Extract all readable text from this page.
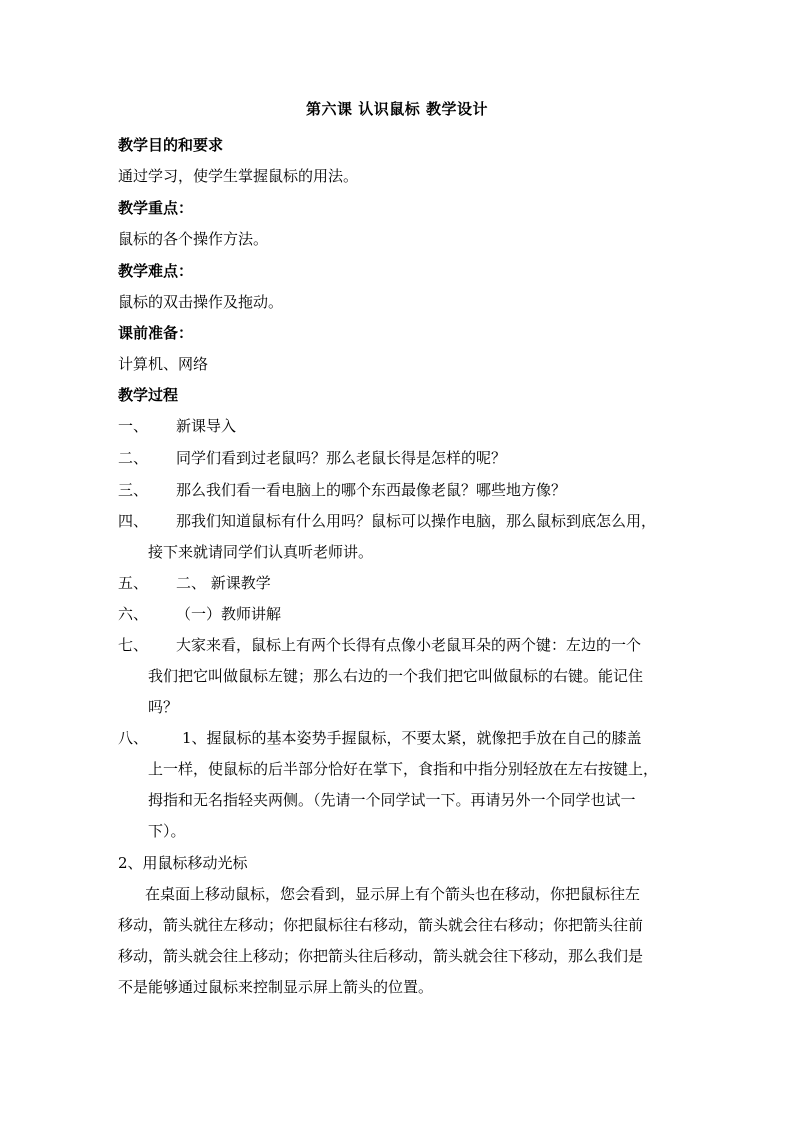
第六课 认识鼠标 教学设计
教学目的和要求
通过学习，使学生掌握鼠标的用法。
教学重点：
鼠标的各个操作方法。
教学难点：
鼠标的双击操作及拖动。
课前准备：
计算机、网络
教学过程
一、 新课导入
二、 同学们看到过老鼠吗？那么老鼠长得是怎样的呢？
三、 那么我们看一看电脑上的哪个东西最像老鼠？哪些地方像？
四、 那我们知道鼠标有什么用吗？鼠标可以操作电脑，那么鼠标到底怎么用，
接下来就请同学们认真听老师讲。
五、 二、 新课教学
六、 （一）教师讲解
七、 大家来看，鼠标上有两个长得有点像小老鼠耳朵的两个键：左边的一个
我们把它叫做鼠标左键；那么右边的一个我们把它叫做鼠标的右键。能记住
吗？
八、 1、握鼠标的基本姿势手握鼠标，不要太紧，就像把手放在自己的膝盖
上一样，使鼠标的后半部分恰好在掌下，食指和中指分别轻放在左右按键上，
拇指和无名指轻夹两侧。（先请一个同学试一下。再请另外一个同学也试一
下）。
2、用鼠标移动光标
在桌面上移动鼠标，您会看到，显示屏上有个箭头也在移动，你把鼠标往左
移动，箭头就往左移动；你把鼠标往右移动，箭头就会往右移动；你把箭头往前
移动，箭头就会往上移动；你把箭头往后移动，箭头就会往下移动，那么我们是
不是能够通过鼠标来控制显示屏上箭头的位置。
